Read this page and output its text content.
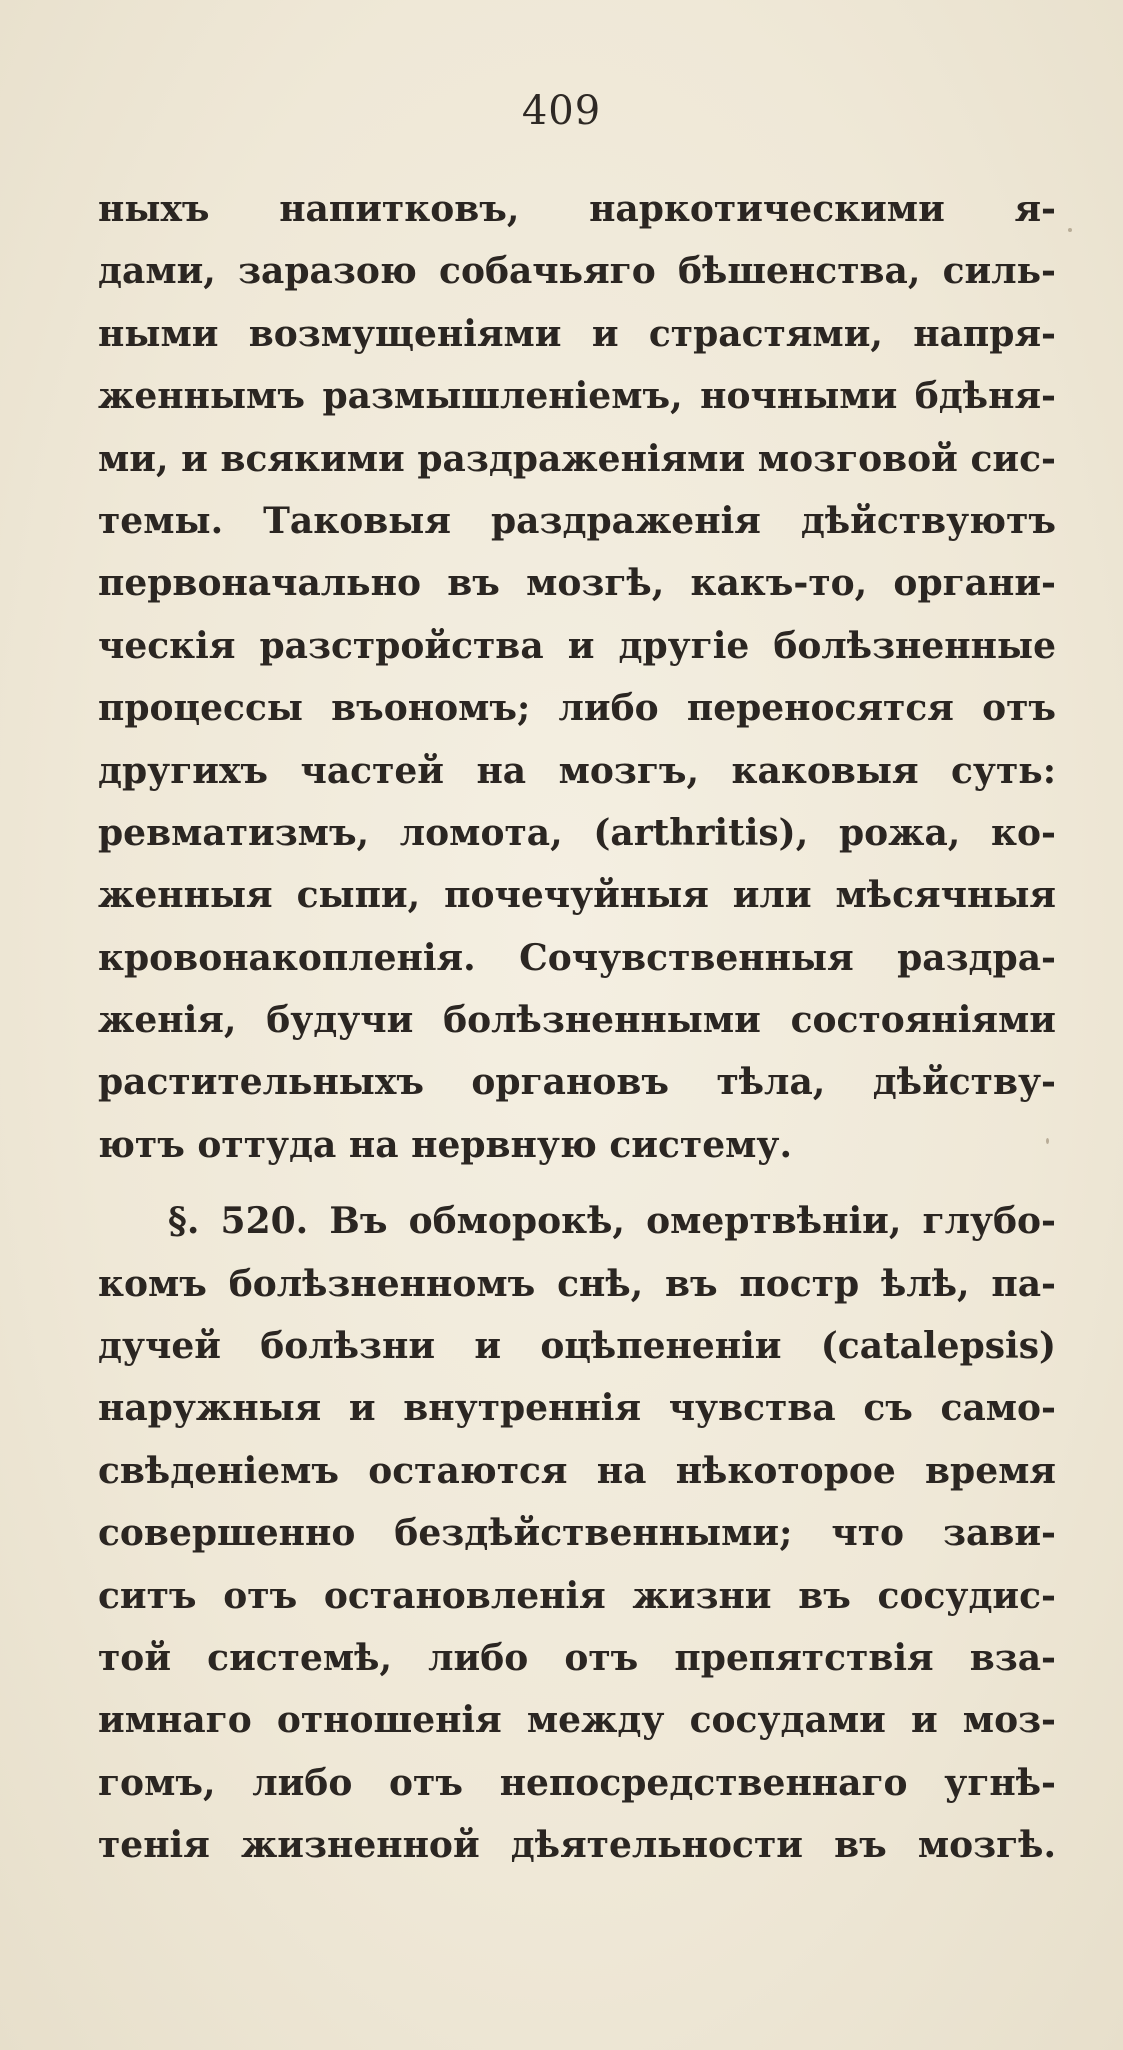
409
ныхъ напитковъ, наркотическими я-
дами, заразою собачьяго бѣшенства, силь-
ными возмущеніями и страстями, напря-
женнымъ размышленіемъ, ночными бдѣня-
ми, и всякими раздраженіями мозговой сис-
темы. Таковыя раздраженія дѣйствуютъ
первоначально въ мозгѣ, какъ-то, органи-
ческія разстройства и другіе болѣзненные
процессы въономъ; либо переносятся отъ
другихъ частей на мозгъ, каковыя суть:
ревматизмъ, ломота, (arthritis), рожа, ко-
женныя сыпи, почечуйныя или мѣсячныя
кровонакопленія. Сочувственныя раздра-
женія, будучи болѣзненными состояніями
растительныхъ органовъ тѣла, дѣйству-
ютъ оттуда на нервную систему.
§. 520. Въ обморокѣ, омертвѣніи, глубо-
комъ болѣзненномъ снѣ, въ постр ѣлѣ, па-
дучей болѣзни и оцѣпененіи (catalepsis)
наружныя и внутреннія чувства съ само-
свѣденіемъ остаются на нѣкоторое время
совершенно бездѣйственными; что зави-
ситъ отъ остановленія жизни въ сосудис-
той системѣ, либо отъ препятствія вза-
имнаго отношенія между сосудами и моз-
гомъ, либо отъ непосредственнаго угнѣ-
тенія жизненной дѣятельности въ мозгѣ.
